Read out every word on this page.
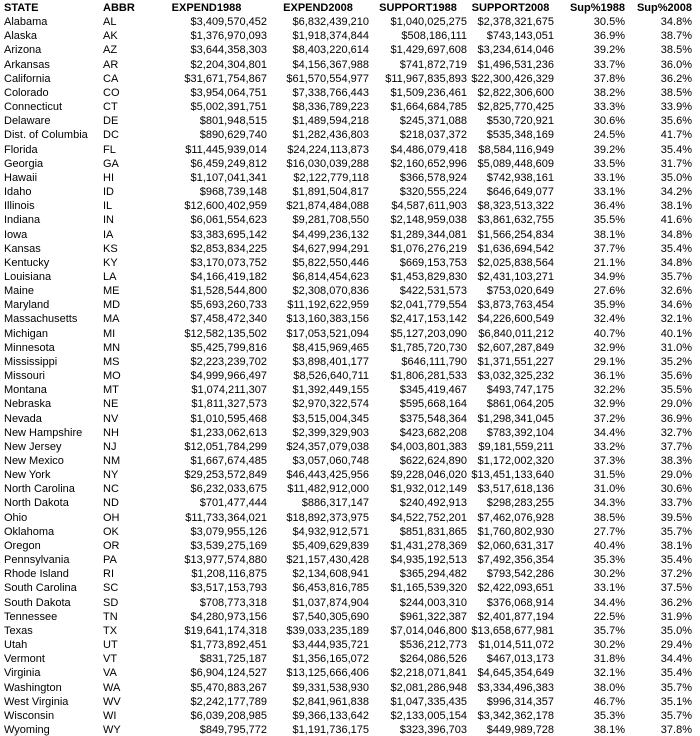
STATE	ABBR	EXPEND1988	EXPEND2008	SUPPORT1988	SUPPORT2008	Sup%1988	Sup%2008
Alabama	AL	$3,409,570,452	$6,832,439,210	$1,040,025,275	$2,378,321,675	30.5%	34.8%
Alaska	AK	$1,376,970,093	$1,918,374,844	$508,186,111	$743,143,051	36.9%	38.7%
Arizona	AZ	$3,644,358,303	$8,403,220,614	$1,429,697,608	$3,234,614,046	39.2%	38.5%
Arkansas	AR	$2,204,304,801	$4,156,367,988	$741,872,719	$1,496,531,236	33.7%	36.0%
California	CA	$31,671,754,867	$61,570,554,977	$11,967,835,893	$22,300,426,329	37.8%	36.2%
Colorado	CO	$3,954,064,751	$7,338,766,443	$1,509,236,461	$2,822,306,600	38.2%	38.5%
Connecticut	CT	$5,002,391,751	$8,336,789,223	$1,664,684,785	$2,825,770,425	33.3%	33.9%
Delaware	DE	$801,948,515	$1,489,594,218	$245,371,088	$530,720,921	30.6%	35.6%
Dist. of Columbia	DC	$890,629,740	$1,282,436,803	$218,037,372	$535,348,169	24.5%	41.7%
Florida	FL	$11,445,939,014	$24,224,113,873	$4,486,079,418	$8,584,116,949	39.2%	35.4%
Georgia	GA	$6,459,249,812	$16,030,039,288	$2,160,652,996	$5,089,448,609	33.5%	31.7%
Hawaii	HI	$1,107,041,341	$2,122,779,118	$366,578,924	$742,938,161	33.1%	35.0%
Idaho	ID	$968,739,148	$1,891,504,817	$320,555,224	$646,649,077	33.1%	34.2%
Illinois	IL	$12,600,402,959	$21,874,484,088	$4,587,611,903	$8,323,513,322	36.4%	38.1%
Indiana	IN	$6,061,554,623	$9,281,708,550	$2,148,959,038	$3,861,632,755	35.5%	41.6%
Iowa	IA	$3,383,695,142	$4,499,236,132	$1,289,344,081	$1,566,254,834	38.1%	34.8%
Kansas	KS	$2,853,834,225	$4,627,994,291	$1,076,276,219	$1,636,694,542	37.7%	35.4%
Kentucky	KY	$3,170,073,752	$5,822,550,446	$669,153,753	$2,025,838,564	21.1%	34.8%
Louisiana	LA	$4,166,419,182	$6,814,454,623	$1,453,829,830	$2,431,103,271	34.9%	35.7%
Maine	ME	$1,528,544,800	$2,308,070,836	$422,531,573	$753,020,649	27.6%	32.6%
Maryland	MD	$5,693,260,733	$11,192,622,959	$2,041,779,554	$3,873,763,454	35.9%	34.6%
Massachusetts	MA	$7,458,472,340	$13,160,383,156	$2,417,153,142	$4,226,600,549	32.4%	32.1%
Michigan	MI	$12,582,135,502	$17,053,521,094	$5,127,203,090	$6,840,011,212	40.7%	40.1%
Minnesota	MN	$5,425,799,816	$8,415,969,465	$1,785,720,730	$2,607,287,849	32.9%	31.0%
Mississippi	MS	$2,223,239,702	$3,898,401,177	$646,111,790	$1,371,551,227	29.1%	35.2%
Missouri	MO	$4,999,966,497	$8,526,640,711	$1,806,281,533	$3,032,325,232	36.1%	35.6%
Montana	MT	$1,074,211,307	$1,392,449,155	$345,419,467	$493,747,175	32.2%	35.5%
Nebraska	NE	$1,811,327,573	$2,970,322,574	$595,668,164	$861,064,205	32.9%	29.0%
Nevada	NV	$1,010,595,468	$3,515,004,345	$375,548,364	$1,298,341,045	37.2%	36.9%
New Hampshire	NH	$1,233,062,613	$2,399,329,903	$423,682,208	$783,392,104	34.4%	32.7%
New Jersey	NJ	$12,051,784,299	$24,357,079,038	$4,003,801,383	$9,181,559,211	33.2%	37.7%
New Mexico	NM	$1,667,674,485	$3,057,060,748	$622,624,890	$1,172,002,320	37.3%	38.3%
New York	NY	$29,253,572,849	$46,443,425,956	$9,228,046,020	$13,451,133,640	31.5%	29.0%
North Carolina	NC	$6,232,033,675	$11,482,912,000	$1,932,012,149	$3,517,618,136	31.0%	30.6%
North Dakota	ND	$701,477,444	$886,317,147	$240,492,913	$298,283,255	34.3%	33.7%
Ohio	OH	$11,733,364,021	$18,892,373,975	$4,522,752,201	$7,462,076,928	38.5%	39.5%
Oklahoma	OK	$3,079,955,126	$4,932,912,571	$851,831,865	$1,760,802,930	27.7%	35.7%
Oregon	OR	$3,539,275,169	$5,409,629,839	$1,431,278,369	$2,060,631,317	40.4%	38.1%
Pennsylvania	PA	$13,977,574,880	$21,157,430,428	$4,935,192,513	$7,492,356,354	35.3%	35.4%
Rhode Island	RI	$1,208,116,875	$2,134,608,941	$365,294,482	$793,542,286	30.2%	37.2%
South Carolina	SC	$3,517,153,793	$6,453,816,785	$1,165,539,320	$2,422,093,651	33.1%	37.5%
South Dakota	SD	$708,773,318	$1,037,874,904	$244,003,310	$376,068,914	34.4%	36.2%
Tennessee	TN	$4,280,973,156	$7,540,305,690	$961,322,387	$2,401,877,194	22.5%	31.9%
Texas	TX	$19,641,174,318	$39,033,235,189	$7,014,046,800	$13,658,677,981	35.7%	35.0%
Utah	UT	$1,773,892,451	$3,444,935,721	$536,212,773	$1,014,511,072	30.2%	29.4%
Vermont	VT	$831,725,187	$1,356,165,072	$264,086,526	$467,013,173	31.8%	34.4%
Virginia	VA	$6,904,124,527	$13,125,666,406	$2,218,071,841	$4,645,354,649	32.1%	35.4%
Washington	WA	$5,470,883,267	$9,331,538,930	$2,081,286,948	$3,334,496,383	38.0%	35.7%
West Virginia	WV	$2,242,177,789	$2,841,961,838	$1,047,335,435	$996,314,357	46.7%	35.1%
Wisconsin	WI	$6,039,208,985	$9,366,133,642	$2,133,005,154	$3,342,362,178	35.3%	35.7%
Wyoming	WY	$849,795,772	$1,191,736,175	$323,396,703	$449,989,728	38.1%	37.8%
